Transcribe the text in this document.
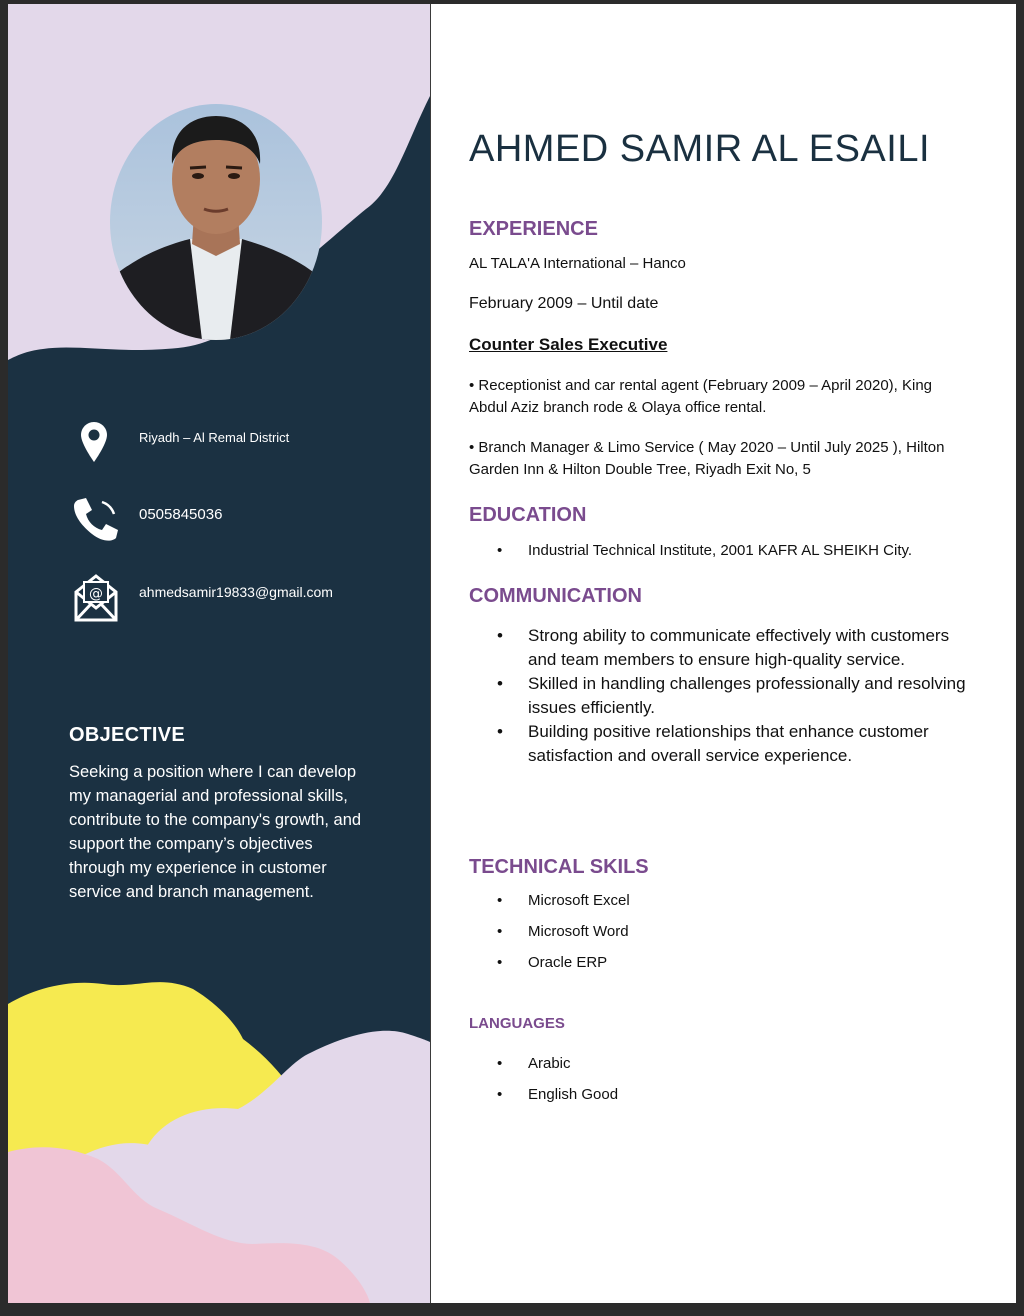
Riyadh – Al Remal District
0505845036
@	ahmedsamir19833@gmail.com
OBJECTIVE
Seeking a position where I can develop my managerial and professional skills, contribute to the company's growth, and support the company’s objectives through my experience in customer service and branch management.
AHMED SAMIR AL ESAILI
EXPERIENCE
AL TALA'A International – Hanco
February 2009 – Until date
Counter Sales Executive
• Receptionist and car rental agent (February 2009 – April 2020), King Abdul Aziz branch rode & Olaya office rental.
• Branch Manager & Limo Service ( May 2020 – Until July 2025 ), Hilton Garden Inn & Hilton Double Tree, Riyadh Exit No, 5
EDUCATION
• Industrial Technical Institute, 2001 KAFR AL SHEIKH City.
COMMUNICATION
• Strong ability to communicate effectively with customers and team members to ensure high-quality service.
• Skilled in handling challenges professionally and resolving issues efficiently.
• Building positive relationships that enhance customer satisfaction and overall service experience.
TECHNICAL SKILS
• Microsoft Excel
• Microsoft Word
• Oracle ERP
LANGUAGES
• Arabic
• English Good
